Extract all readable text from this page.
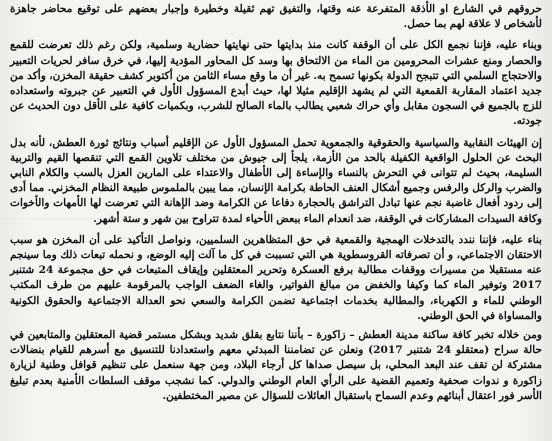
حروقهم في الشارع او الأذقة المتفرعة عنه وقتها، والتفيق تهم ثقيلة وخطيرة وإجبار بعضهم على توقيع محاضر جاهزة لأشخاص لا علاقة لهم بما حصل.

وبناء عليه، فإننا نجمع الكل على أن الوقفة كانت منذ بدايتها حتى نهايتها حضارية وسلمية، ولكن رغم ذلك تعرضت للقمع والحصار ومنع عشرات المحرومين من الماء من الالتحاق بها وسد كل المحاور المؤدية إليها، في خرق سافر لحريات التعبير والاحتجاج السلمي التي تتبجح الدولة بكونها تسمح به. غير أن ما وقع مساء الثامن من أكتوبر كشف حقيقة المخزن، وأكد من جديد اعتماد المقاربة القمعية التي لم يشهد الإقليم مثيلا لها، حيث أبدع المسؤول الأول في التعبير عن جبروته واستعداده للزج بالجميع في السجون مقابل وأي حراك شعبي يطالب بالماء الصالح للشرب، وبكميات كافية على الأقل دون الحديث عن جودته.

إن الهيئات النقابية والسياسية والحقوقية والجمعوية تحمل المسؤول الأول عن الإقليم أسباب ونتائج ثورة العطش، لأنه بدل البحث عن الحلول الواقعية الكفيلة بالحد من الأزمة، يلجأ إلى جيوش من مختلف تلاوين القمع التي تنقصها القيم والتربية السليمة، بحيث لم تتوانى في التحرش بالنساء والإساءة إلى الأطفال والاعتداء على المارين العزل بالسب والكلام النابي والضرب والركل والرفس وجميع أشكال العنف الحاطة بكرامة الإنسان، مما يبين بالملموس طبيعة النظام المخزني. مما أدى إلى ردود أفعال غاضبة نجم عنها تبادل التراشق بالحجارة دفاعا عن الكرامة وضد الإهانة التي تعرضت لها الأمهات والأخوات وكافة السيدات المشاركات في الوقفة، ضد انعدام الماء ببعض الأحياء لمدة تتراوح بين شهر و ستة أشهر.

بناء عليه، فإننا نندد بالتدخلات الهمجية والقمعية في حق المتظاهرين السلميين، ونواصل التأكيد على أن المخزن هو سبب الاحتقان الاجتماعي، و أن تصرفاته القروسطوية هي التي تسببت في كل ما آلت إليه الوضع، و نحمله تبعات ذلك وما سينجم عنه مستقبلا من مسيرات ووقفات مطالبة برفع العسكرة وتحرير المعتقلين وإيقاف المتبعات في حق مجموعة 24 شتنبر 2017 وتوفير الماء كما وكيفا والخفض من مبالغ الفواتير، والغاء الضعف الواجب بالمرقومة عليهم من طرف المكتب الوطني للماء و الكهرباء، والمطالبة بخدمات اجتماعية تضمن الكرامة والسعي نحو العدالة الاجتماعية والحقوق الكونية والمساواة في الحق الوطني.

ومن خلاله تخبر كافة ساكنة مدينة العطش – زاكورة – بأننا نتابع بقلق شديد وبشكل مستمر قضية المعتقلين والمتابعين في حالة سراح (معتقلو 24 شتنبر 2017) ونعلن عن تضامننا المبدئي معهم واستعدادنا للتنسيق مع أسرهم للقيام بنضالات مشتركة لن تقف عند البعد المحلي، بل سيصل صداها كل أرجاء البلاد، ومن جهة سنعمل على تنظيم قوافل وطنية لزيارة زاكورة و ندوات صحفية وتعميم القضية على الرأي العام الوطني والدولي. كما نشجب موقف السلطات الأمنية بعدم تبليغ الأسر فور اعتقال أبنائهم وعدم السماح باستقبال العائلات للسؤال عن مصير المختطفين.
